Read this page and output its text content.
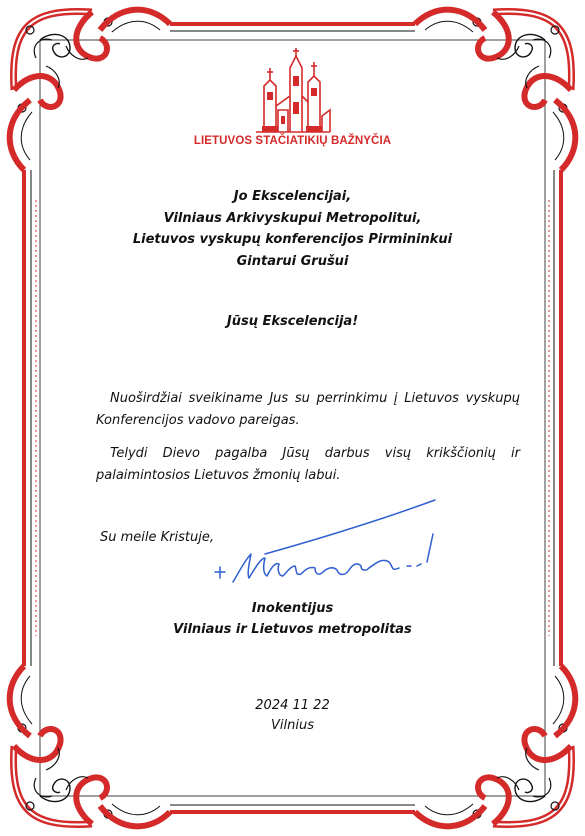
LIETUVOS STAČIATIKIŲ BAŽNYČIA
Jo Ekscelencijai,
Vilniaus Arkivyskupui Metropolitui,
Lietuvos vyskupų konferencijos Pirmininkui
Gintarui Grušui
Jūsų Ekscelencija!
Nuoširdžiai sveikiname Jus su perrinkimu į Lietuvos vyskupų Konferencijos vadovo pareigas.
Telydi Dievo pagalba Jūsų darbus visų krikščionių ir palaimintosios Lietuvos žmonių labui.
Su meile Kristuje,
Inokentijus
Vilniaus ir Lietuvos metropolitas
2024 11 22
Vilnius
